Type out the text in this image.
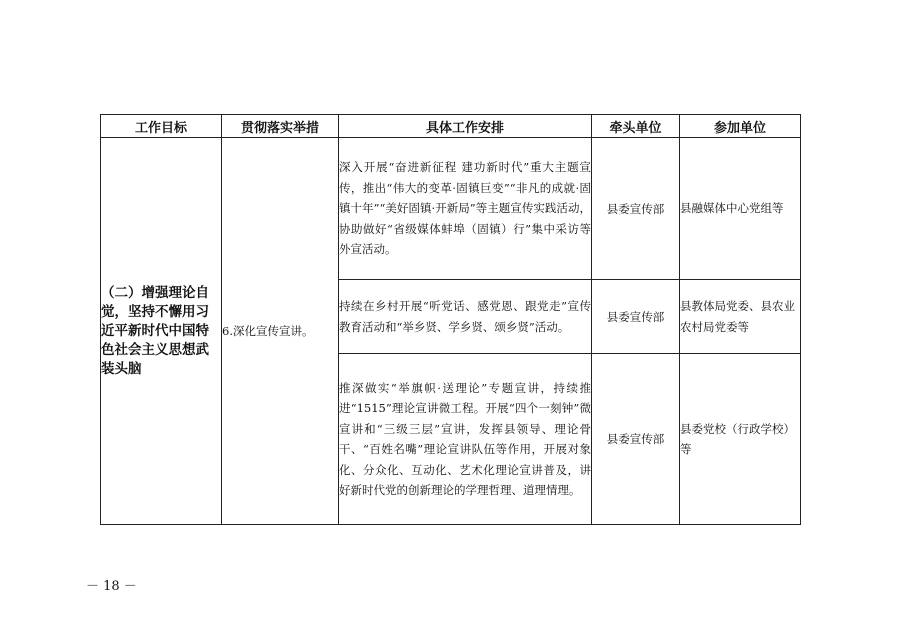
工作目标	贯彻落实举措	具体工作安排	牵头单位	参加单位
（二）增强理论自觉，坚持不懈用习近平新时代中国特色社会主义思想武装头脑	6.深化宣传宣讲。	深入开展“奋进新征程 建功新时代”重大主题宣传，推出“伟大的变革·固镇巨变”“非凡的成就·固镇十年”“美好固镇·开新局”等主题宣传实践活动，协助做好“省级媒体蚌埠（固镇）行”集中采访等外宣活动。	县委宣传部	县融媒体中心党组等
		持续在乡村开展“听党话、感党恩、跟党走”宣传教育活动和“举乡贤、学乡贤、颂乡贤”活动。	县委宣传部	县教体局党委、县农业农村局党委等
		推深做实“举旗帜·送理论”专题宣讲，持续推进“1515”理论宣讲微工程。开展“四个一刻钟”微宣讲和“三级三层”宣讲，发挥县领导、理论骨干、“百姓名嘴”理论宣讲队伍等作用，开展对象化、分众化、互动化、艺术化理论宣讲普及，讲好新时代党的创新理论的学理哲理、道理情理。	县委宣传部	县委党校（行政学校）等
－ 18 －
